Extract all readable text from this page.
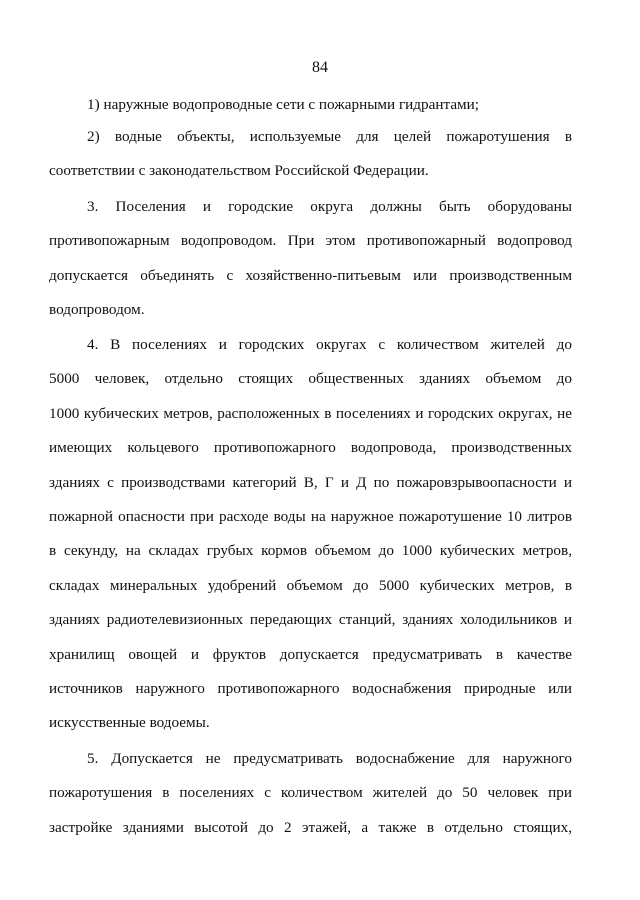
84
1) наружные водопроводные сети с пожарными гидрантами;
2) водные объекты, используемые для целей пожаротушения в
соответствии с законодательством Российской Федерации.
3. Поселения и городские округа должны быть оборудованы
противопожарным водопроводом. При этом противопожарный водопровод
допускается объединять с хозяйственно-питьевым или производственным
водопроводом.
4. В поселениях и городских округах с количеством жителей до
5000 человек, отдельно стоящих общественных зданиях объемом до
1000 кубических метров, расположенных в поселениях и городских округах, не
имеющих кольцевого противопожарного водопровода, производственных
зданиях с производствами категорий В, Г и Д по пожаровзрывоопасности и
пожарной опасности при расходе воды на наружное пожаротушение 10 литров
в секунду, на складах грубых кормов объемом до 1000 кубических метров,
складах минеральных удобрений объемом до 5000 кубических метров, в
зданиях радиотелевизионных передающих станций, зданиях холодильников и
хранилищ овощей и фруктов допускается предусматривать в качестве
источников наружного противопожарного водоснабжения природные или
искусственные водоемы.
5. Допускается не предусматривать водоснабжение для наружного
пожаротушения в поселениях с количеством жителей до 50 человек при
застройке зданиями высотой до 2 этажей, а также в отдельно стоящих,
